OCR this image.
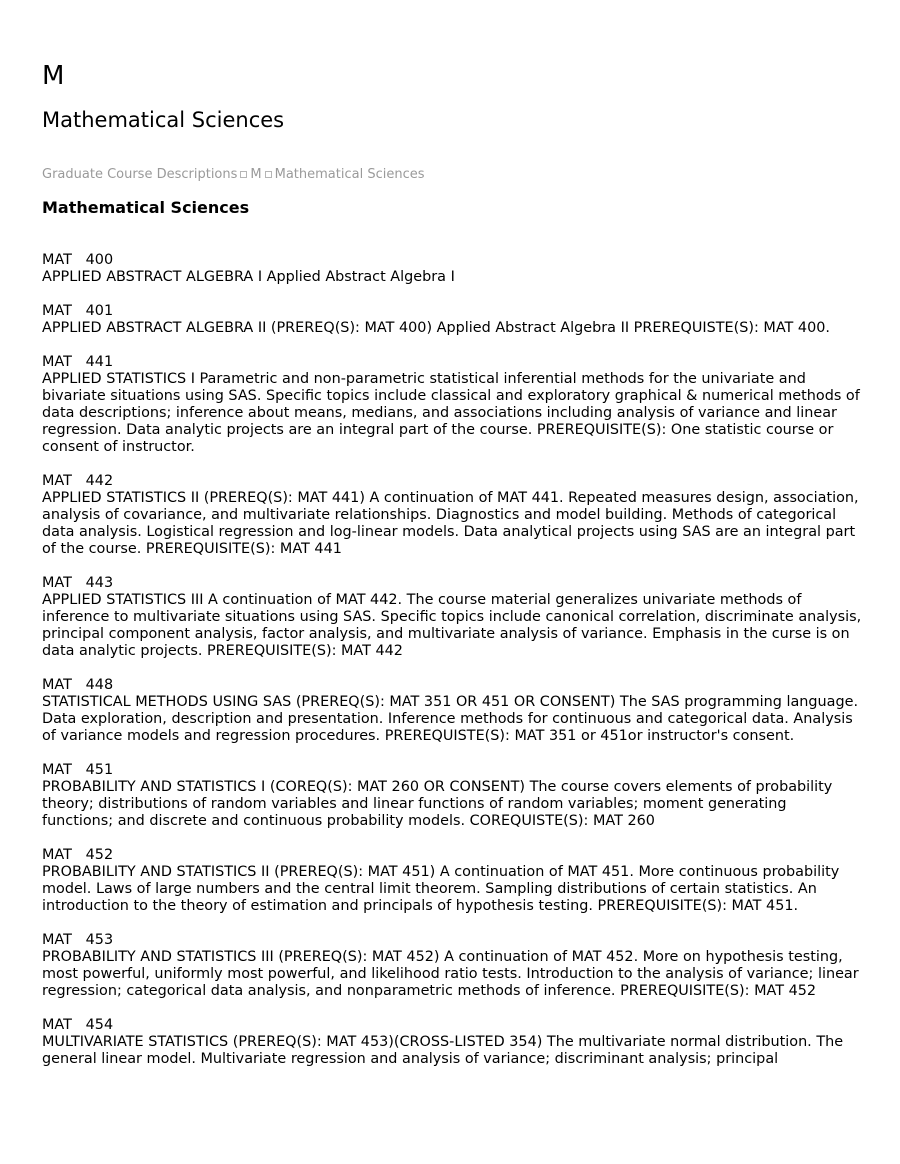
M
Mathematical Sciences
Graduate Course Descriptions M Mathematical Sciences
Mathematical Sciences
MAT   400
APPLIED ABSTRACT ALGEBRA I Applied Abstract Algebra I
MAT   401
APPLIED ABSTRACT ALGEBRA II (PREREQ(S): MAT 400) Applied Abstract Algebra II PREREQUISTE(S): MAT 400.
MAT   441
APPLIED STATISTICS I Parametric and non-parametric statistical inferential methods for the univariate and bivariate situations using SAS. Specific topics include classical and exploratory graphical & numerical methods of data descriptions; inference about means, medians, and associations including analysis of variance and linear regression. Data analytic projects are an integral part of the course. PREREQUISITE(S): One statistic course or consent of instructor.
MAT   442
APPLIED STATISTICS II (PREREQ(S): MAT 441) A continuation of MAT 441. Repeated measures design, association, analysis of covariance, and multivariate relationships. Diagnostics and model building. Methods of categorical data analysis. Logistical regression and log-linear models. Data analytical projects using SAS are an integral part of the course. PREREQUISITE(S): MAT 441
MAT   443
APPLIED STATISTICS III A continuation of MAT 442. The course material generalizes univariate methods of inference to multivariate situations using SAS. Specific topics include canonical correlation, discriminate analysis, principal component analysis, factor analysis, and multivariate analysis of variance. Emphasis in the curse is on data analytic projects. PREREQUISITE(S): MAT 442
MAT   448
STATISTICAL METHODS USING SAS (PREREQ(S): MAT 351 OR 451 OR CONSENT) The SAS programming language. Data exploration, description and presentation. Inference methods for continuous and categorical data. Analysis of variance models and regression procedures. PREREQUISTE(S): MAT 351 or 451or instructor's consent.
MAT   451
PROBABILITY AND STATISTICS I (COREQ(S): MAT 260 OR CONSENT) The course covers elements of probability theory; distributions of random variables and linear functions of random variables; moment generating functions; and discrete and continuous probability models. COREQUISTE(S): MAT 260
MAT   452
PROBABILITY AND STATISTICS II (PREREQ(S): MAT 451) A continuation of MAT 451. More continuous probability model. Laws of large numbers and the central limit theorem. Sampling distributions of certain statistics. An introduction to the theory of estimation and principals of hypothesis testing. PREREQUISITE(S): MAT 451.
MAT   453
PROBABILITY AND STATISTICS III (PREREQ(S): MAT 452) A continuation of MAT 452. More on hypothesis testing, most powerful, uniformly most powerful, and likelihood ratio tests. Introduction to the analysis of variance; linear regression; categorical data analysis, and nonparametric methods of inference. PREREQUISITE(S): MAT 452
MAT   454
MULTIVARIATE STATISTICS (PREREQ(S): MAT 453)(CROSS-LISTED 354) The multivariate normal distribution. The general linear model. Multivariate regression and analysis of variance; discriminant analysis; principal
